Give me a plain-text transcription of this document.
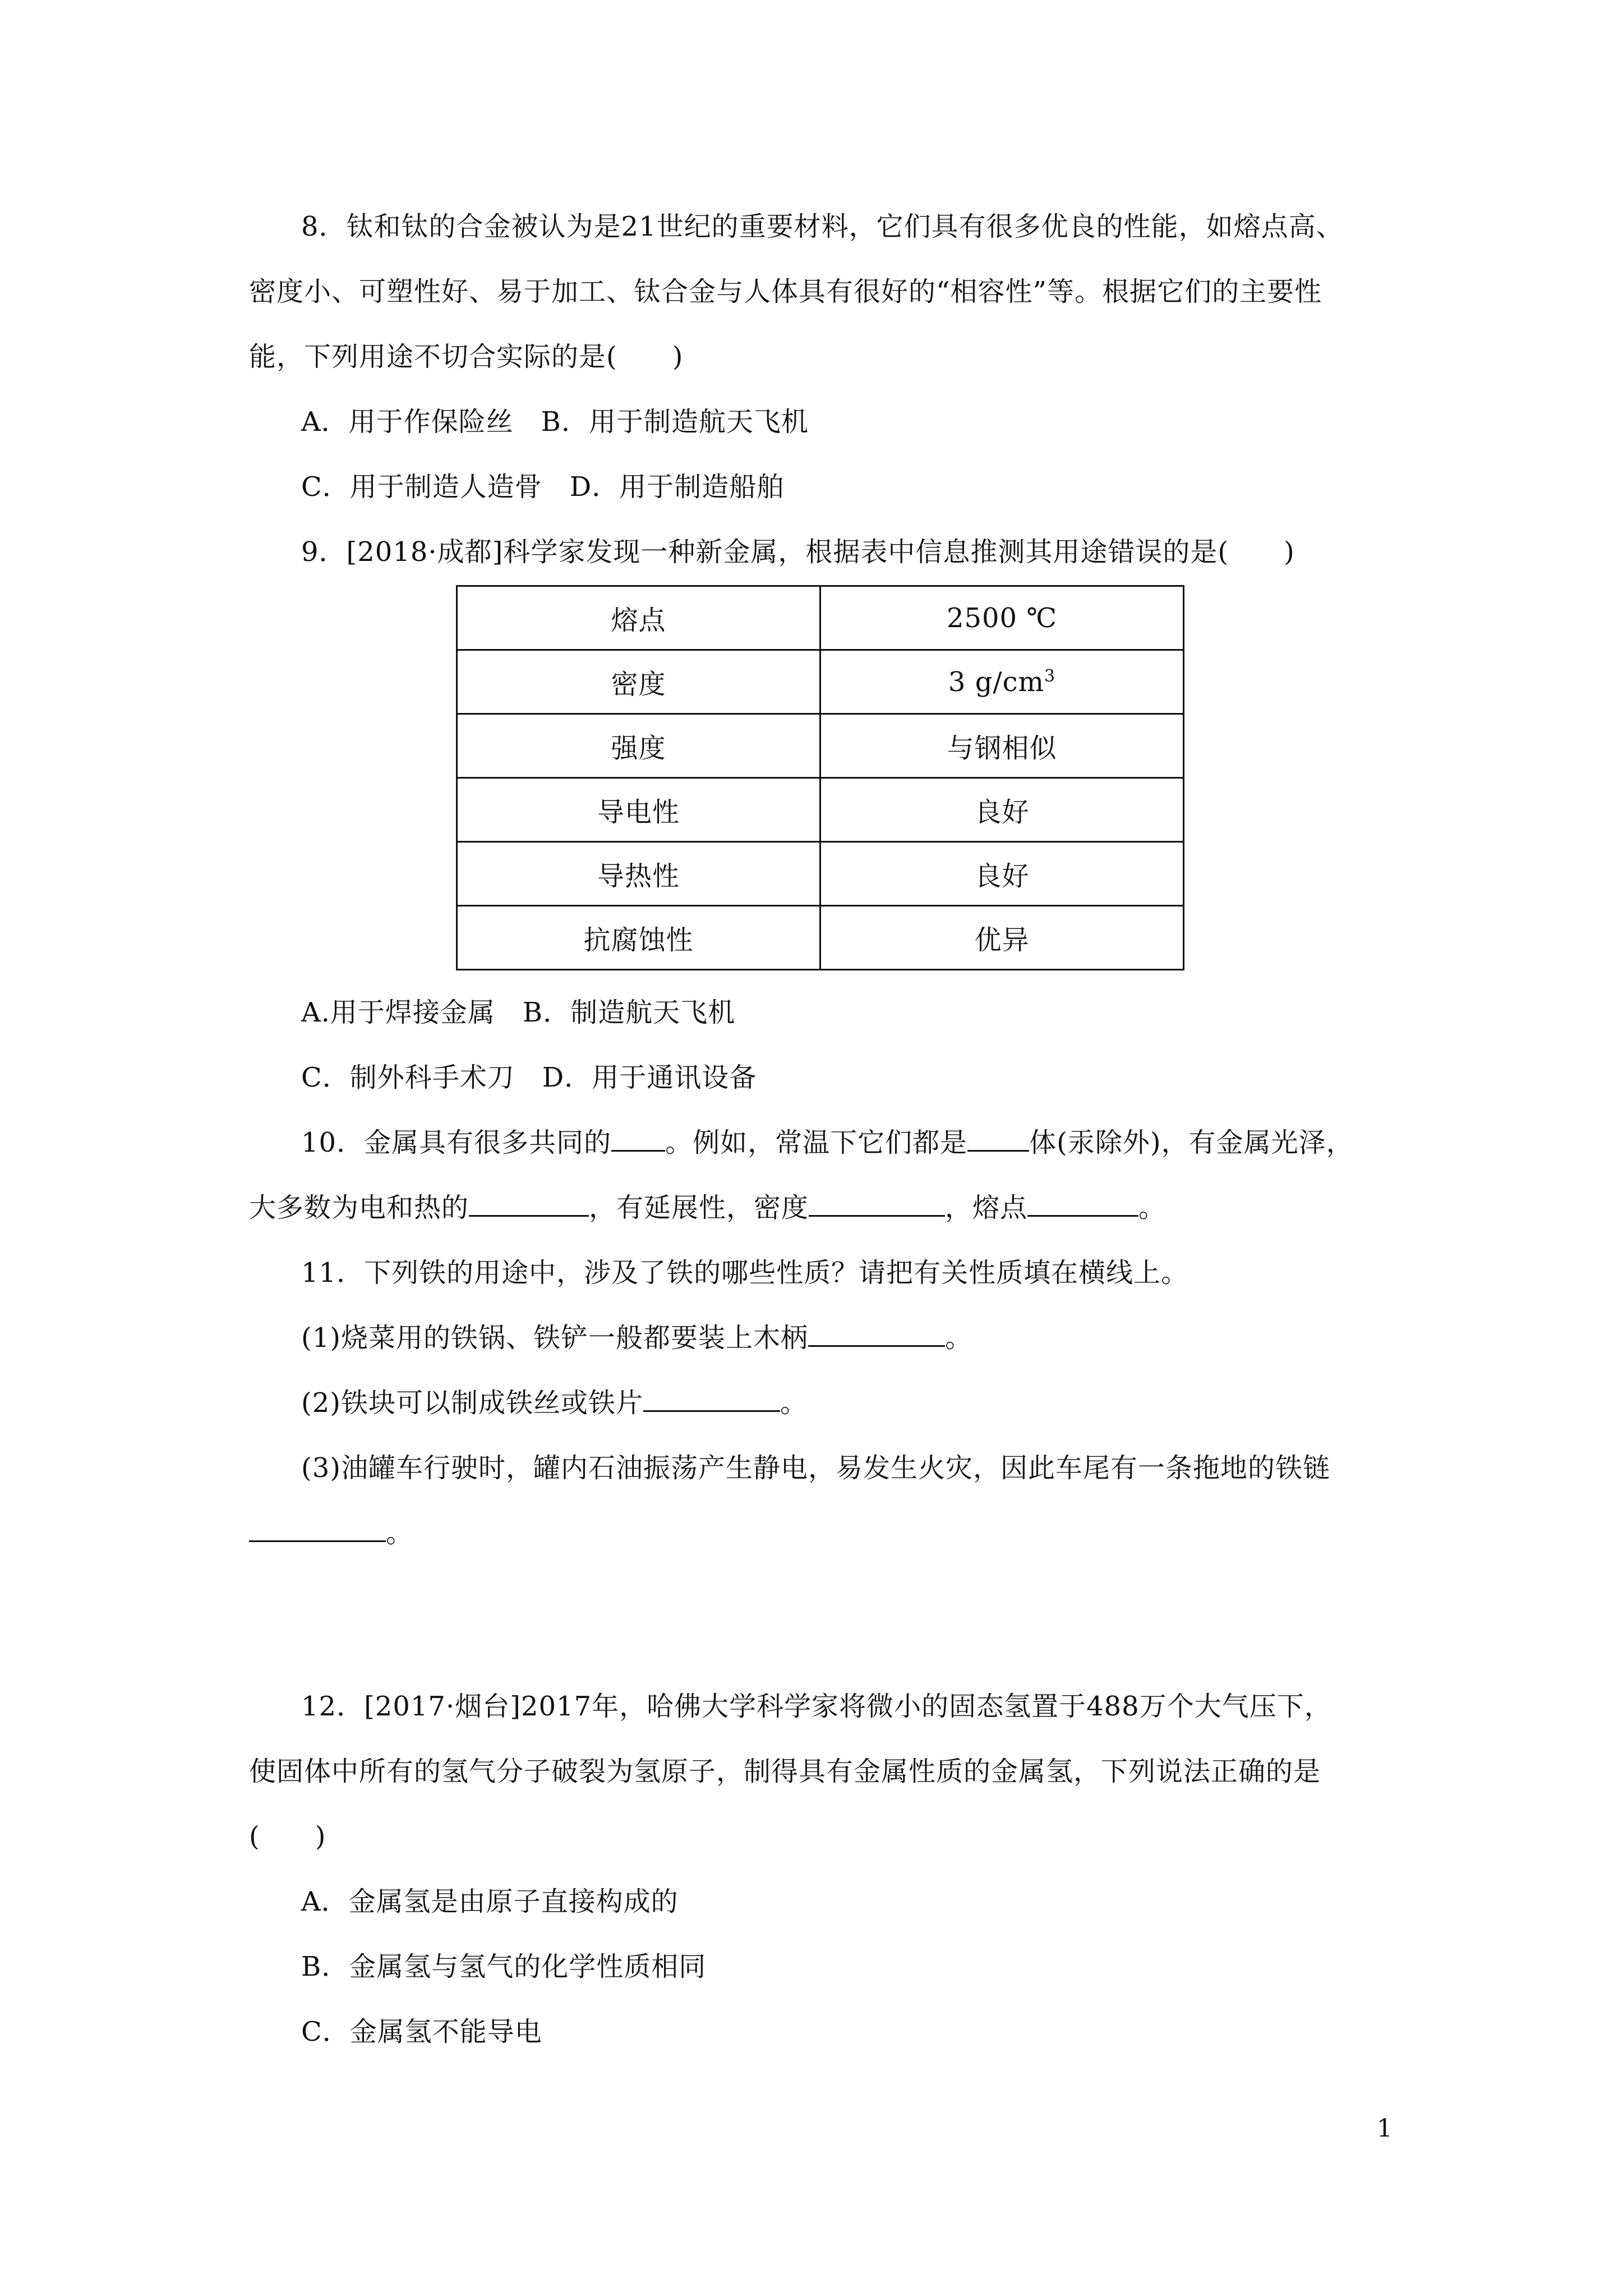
8．钛和钛的合金被认为是21世纪的重要材料，它们具有很多优良的性能，如熔点高、
密度小、可塑性好、易于加工、钛合金与人体具有很好的“相容性”等。根据它们的主要性
能，下列用途不切合实际的是(　　)
A．用于作保险丝　B．用于制造航天飞机
C．用于制造人造骨　D．用于制造船舶
9．[2018·成都]科学家发现一种新金属，根据表中信息推测其用途错误的是(　　)
熔点	2500 ℃
密度	3 $g/cm^3$
强度	与钢相似
导电性	良好
导热性	良好
抗腐蚀性	优异
A.用于焊接金属　B．制造航天飞机
C．制外科手术刀　D．用于通讯设备
10．金属具有很多共同的 。例如，常温下它们都是 体(汞除外)，有金属光泽，
大多数为电和热的	，有延展性，密度	，熔点	。
11．下列铁的用途中，涉及了铁的哪些性质？请把有关性质填在横线上。
(1)烧菜用的铁锅、铁铲一般都要装上木柄	。
(2)铁块可以制成铁丝或铁片	。
(3)油罐车行驶时，罐内石油振荡产生静电，易发生火灾，因此车尾有一条拖地的铁链
。
12．[2017·烟台]2017年，哈佛大学科学家将微小的固态氢置于488万个大气压下，
使固体中所有的氢气分子破裂为氢原子，制得具有金属性质的金属氢，下列说法正确的是
(　　)
A．金属氢是由原子直接构成的
B．金属氢与氢气的化学性质相同
C．金属氢不能导电
1
